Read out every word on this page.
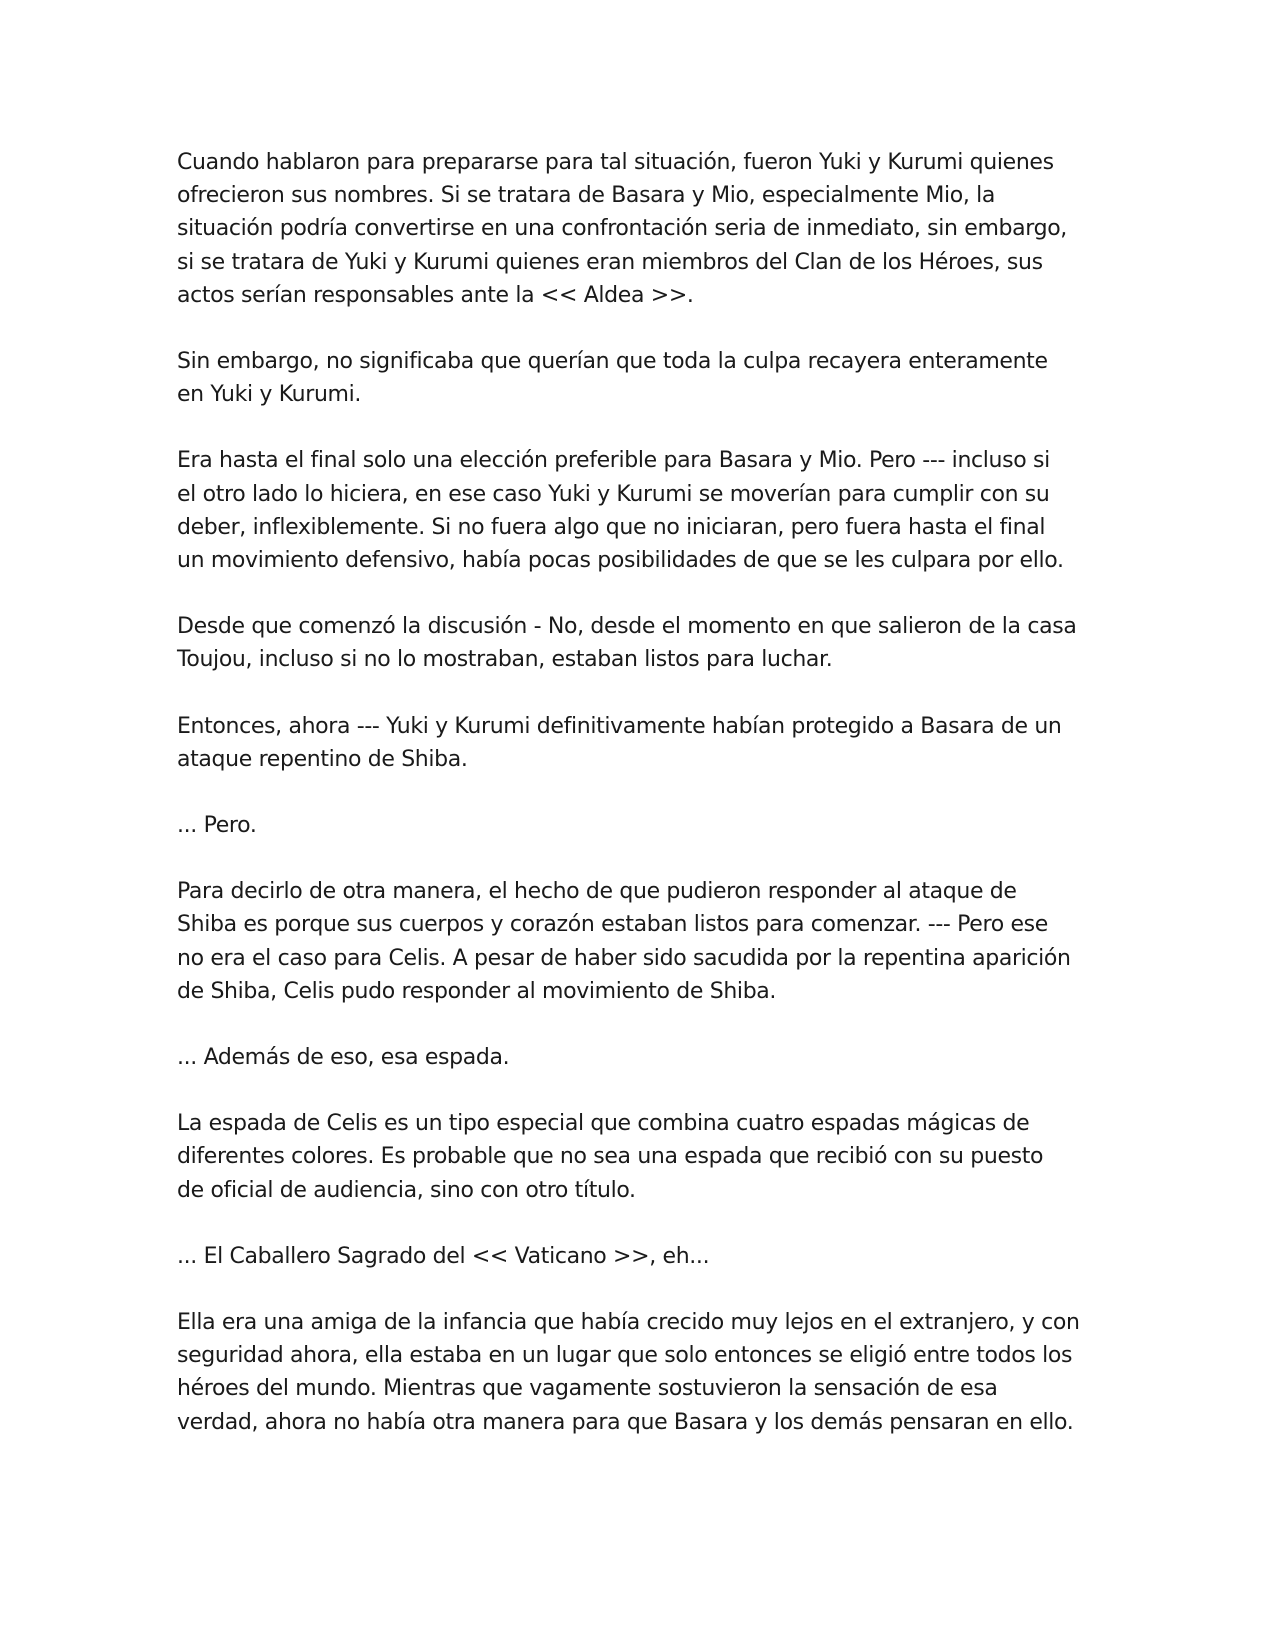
Cuando hablaron para prepararse para tal situación, fueron Yuki y Kurumi quienes
ofrecieron sus nombres. Si se tratara de Basara y Mio, especialmente Mio, la
situación podría convertirse en una confrontación seria de inmediato, sin embargo,
si se tratara de Yuki y Kurumi quienes eran miembros del Clan de los Héroes, sus
actos serían responsables ante la << Aldea >>.
Sin embargo, no significaba que querían que toda la culpa recayera enteramente
en Yuki y Kurumi.
Era hasta el final solo una elección preferible para Basara y Mio. Pero --- incluso si
el otro lado lo hiciera, en ese caso Yuki y Kurumi se moverían para cumplir con su
deber, inflexiblemente. Si no fuera algo que no iniciaran, pero fuera hasta el final
un movimiento defensivo, había pocas posibilidades de que se les culpara por ello.
Desde que comenzó la discusión - No, desde el momento en que salieron de la casa
Toujou, incluso si no lo mostraban, estaban listos para luchar.
Entonces, ahora --- Yuki y Kurumi definitivamente habían protegido a Basara de un
ataque repentino de Shiba.
... Pero.
Para decirlo de otra manera, el hecho de que pudieron responder al ataque de
Shiba es porque sus cuerpos y corazón estaban listos para comenzar. --- Pero ese
no era el caso para Celis. A pesar de haber sido sacudida por la repentina aparición
de Shiba, Celis pudo responder al movimiento de Shiba.
... Además de eso, esa espada.
La espada de Celis es un tipo especial que combina cuatro espadas mágicas de
diferentes colores. Es probable que no sea una espada que recibió con su puesto
de oficial de audiencia, sino con otro título.
... El Caballero Sagrado del << Vaticano >>, eh...
Ella era una amiga de la infancia que había crecido muy lejos en el extranjero, y con
seguridad ahora, ella estaba en un lugar que solo entonces se eligió entre todos los
héroes del mundo. Mientras que vagamente sostuvieron la sensación de esa
verdad, ahora no había otra manera para que Basara y los demás pensaran en ello.
